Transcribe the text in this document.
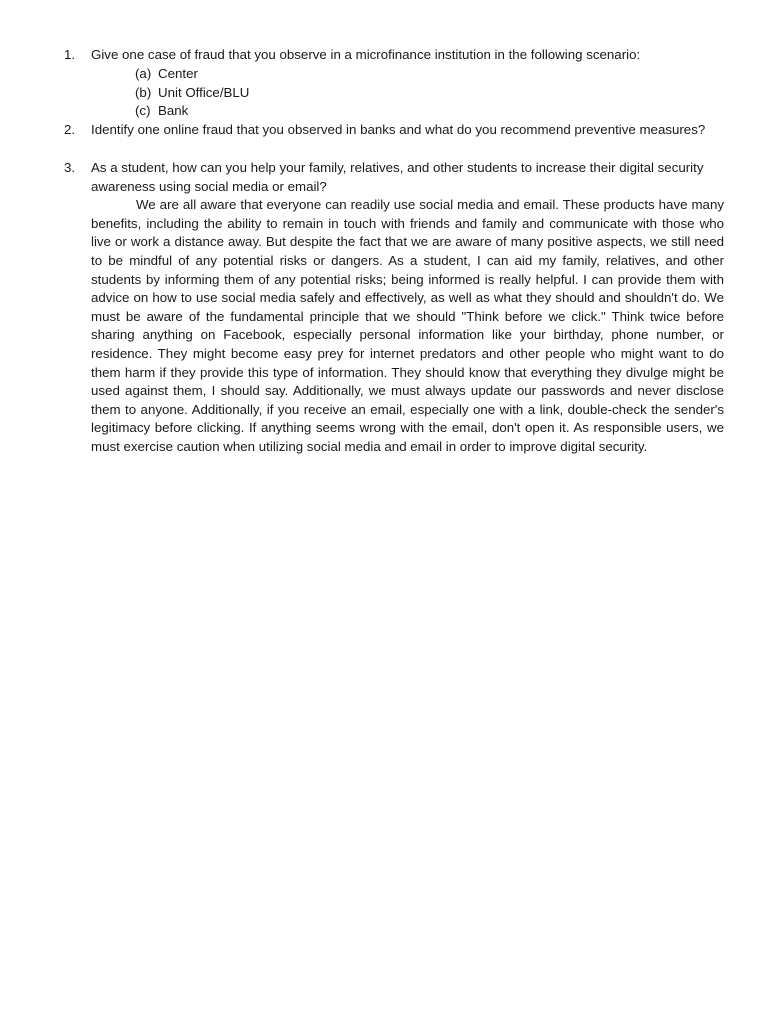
1.	Give one case of fraud that you observe in a microfinance institution in the following scenario:
(a) Center
(b) Unit Office/BLU
(c) Bank
2.	Identify one online fraud that you observed in banks and what do you recommend preventive measures?
3.	As a student, how can you help your family, relatives, and other students to increase their digital security awareness using social media or email?
We are all aware that everyone can readily use social media and email. These products have many benefits, including the ability to remain in touch with friends and family and communicate with those who live or work a distance away. But despite the fact that we are aware of many positive aspects, we still need to be mindful of any potential risks or dangers. As a student, I can aid my family, relatives, and other students by informing them of any potential risks; being informed is really helpful. I can provide them with advice on how to use social media safely and effectively, as well as what they should and shouldn't do. We must be aware of the fundamental principle that we should "Think before we click." Think twice before sharing anything on Facebook, especially personal information like your birthday, phone number, or residence. They might become easy prey for internet predators and other people who might want to do them harm if they provide this type of information. They should know that everything they divulge might be used against them, I should say. Additionally, we must always update our passwords and never disclose them to anyone. Additionally, if you receive an email, especially one with a link, double-check the sender's legitimacy before clicking. If anything seems wrong with the email, don't open it. As responsible users, we must exercise caution when utilizing social media and email in order to improve digital security.
